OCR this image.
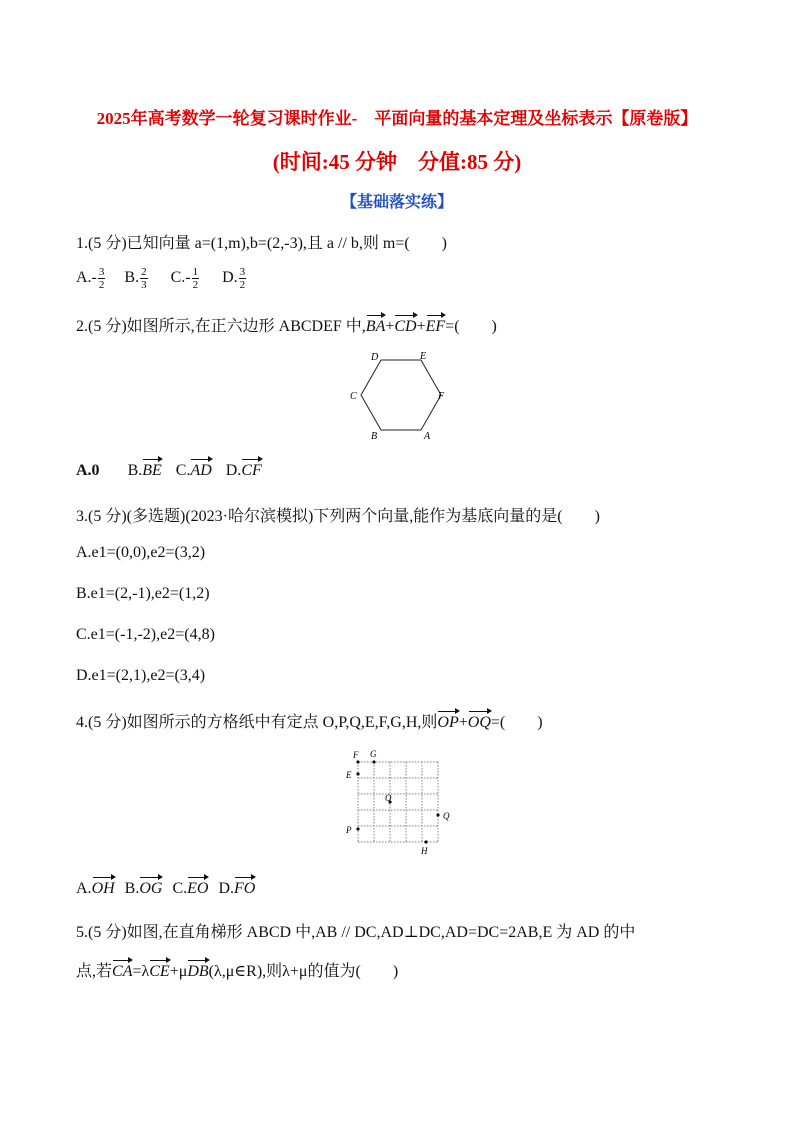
2025年高考数学一轮复习课时作业-　平面向量的基本定理及坐标表示【原卷版】
(时间:45 分钟　分值:85 分)
【基础落实练】
1.(5 分)已知向量 a=(1,m),b=(2,-3),且 a // b,则 m=(　　)
$A.- \frac{3}{2} B$. $\frac{2}{3} C.- \frac{1}{2} D$. $\frac{3}{2}$
2.(5 分)如图所示,在正六边形 ABCDEF 中,BA+CD+EF=(　　)
A
B
C
D	E
F
A.0 B.BE C.AD D.CF
3.(5 分)(多选题)(2023·哈尔滨模拟)下列两个向量,能作为基底向量的是(　　)
A.e1=(0,0),e2=(3,2)
B.e1=(2,-1),e2=(1,2)
C.e1=(-1,-2),e2=(4,8)
D.e1=(2,1),e2=(3,4)
4.(5 分)如图所示的方格纸中有定点 O,P,Q,E,F,G,H,则OP+OQ=(　　)
F G
E
O
Q
P
H
A.OH B.OG C.EO D.FO
5.(5 分)如图,在直角梯形 ABCD 中,AB // DC,AD⊥DC,AD=DC=2AB,E 为 AD 的中
点,若CA=λCE+μDB(λ,μ∈R),则λ+μ的值为(　　)
